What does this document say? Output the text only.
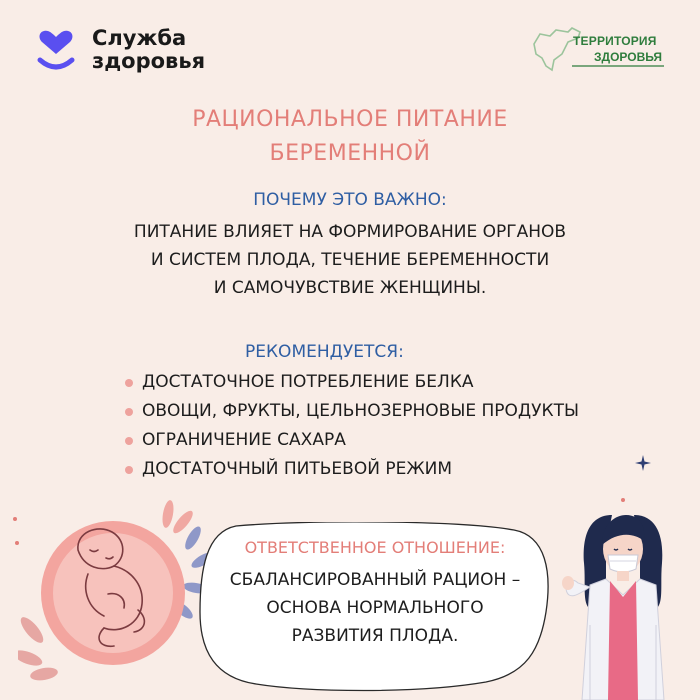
Служба
здоровья
ТЕРРИТОРИЯ
ЗДОРОВЬЯ
РАЦИОНАЛЬНОЕ ПИТАНИЕ
БЕРЕМЕННОЙ
ПОЧЕМУ ЭТО ВАЖНО:
ПИТАНИЕ ВЛИЯЕТ НА ФОРМИРОВАНИЕ ОРГАНОВ
И СИСТЕМ ПЛОДА, ТЕЧЕНИЕ БЕРЕМЕННОСТИ
И САМОЧУВСТВИЕ ЖЕНЩИНЫ.
РЕКОМЕНДУЕТСЯ:
ДОСТАТОЧНОЕ ПОТРЕБЛЕНИЕ БЕЛКА
ОВОЩИ, ФРУКТЫ, ЦЕЛЬНОЗЕРНОВЫЕ ПРОДУКТЫ
ОГРАНИЧЕНИЕ САХАРА
ДОСТАТОЧНЫЙ ПИТЬЕВОЙ РЕЖИМ
ОТВЕТСТВЕННОЕ ОТНОШЕНИЕ:
СБАЛАНСИРОВАННЫЙ РАЦИОН –
ОСНОВА НОРМАЛЬНОГО
РАЗВИТИЯ ПЛОДА.
